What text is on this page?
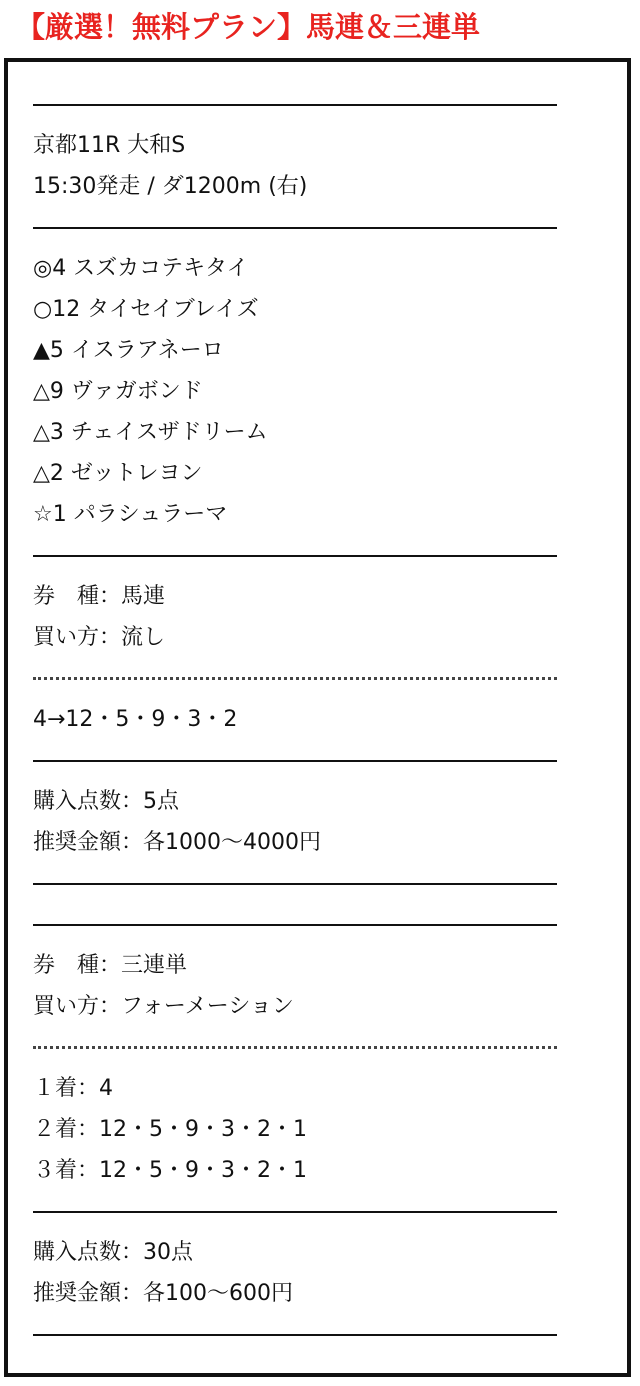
【厳選！無料プラン】馬連＆三連単
京都11R 大和S
15:30発走 / ダ1200m (右)
◎4 スズカコテキタイ
○12 タイセイブレイズ
▲5 イスラアネーロ
△9 ヴァガボンド
△3 チェイスザドリーム
△2 ゼットレヨン
☆1 パラシュラーマ
券　種：馬連
買い方：流し
4→12・5・9・3・2
購入点数：5点
推奨金額：各1000〜4000円
券　種：三連単
買い方：フォーメーション
１着：4
２着：12・5・9・3・2・1
３着：12・5・9・3・2・1
購入点数：30点
推奨金額：各100〜600円
